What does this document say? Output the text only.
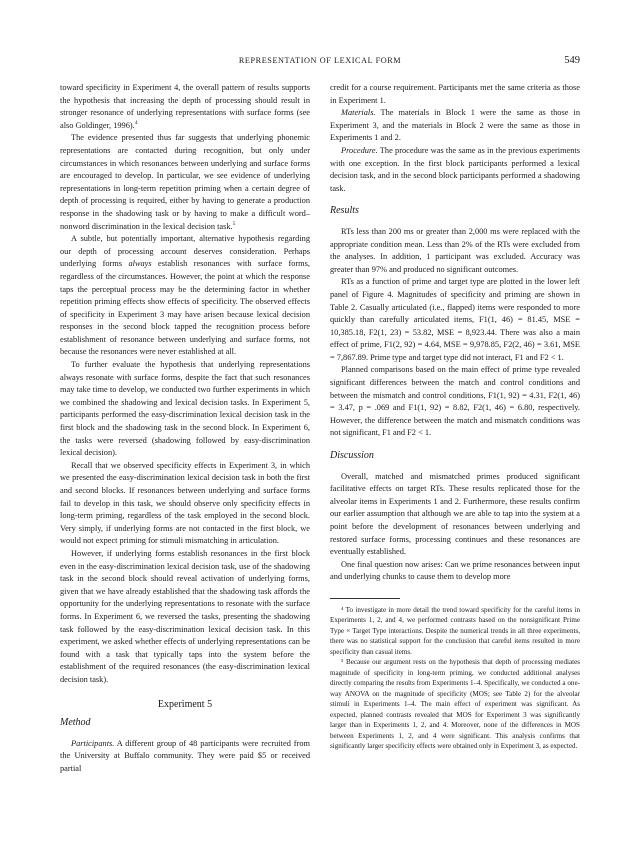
REPRESENTATION OF LEXICAL FORM	549

toward specificity in Experiment 4, the overall pattern of results supports the hypothesis that increasing the depth of processing should result in stronger resonance of underlying representations with surface forms (see also Goldinger, 1996).$^4$

The evidence presented thus far suggests that underlying phonemic representations are contacted during recognition, but only under circumstances in which resonances between underlying and surface forms are encouraged to develop. In particular, we see evidence of underlying representations in long-term repetition priming when a certain degree of depth of processing is required, either by having to generate a production response in the shadowing task or by having to make a difficult word–nonword discrimination in the lexical decision task.$^5$

A subtle, but potentially important, alternative hypothesis regarding our depth of processing account deserves consideration. Perhaps underlying forms always establish resonances with surface forms, regardless of the circumstances. However, the point at which the response taps the perceptual process may be the determining factor in whether repetition priming effects show effects of specificity. The observed effects of specificity in Experiment 3 may have arisen because lexical decision responses in the second block tapped the recognition process before establishment of resonance between underlying and surface forms, not because the resonances were never established at all.

To further evaluate the hypothesis that underlying representations always resonate with surface forms, despite the fact that such resonances may take time to develop, we conducted two further experiments in which we combined the shadowing and lexical decision tasks. In Experiment 5, participants performed the easy-discrimination lexical decision task in the first block and the shadowing task in the second block. In Experiment 6, the tasks were reversed (shadowing followed by easy-discrimination lexical decision).

Recall that we observed specificity effects in Experiment 3, in which we presented the easy-discrimination lexical decision task in both the first and second blocks. If resonances between underlying and surface forms fail to develop in this task, we should observe only specificity effects in long-term priming, regardless of the task employed in the second block. Very simply, if underlying forms are not contacted in the first block, we would not expect priming for stimuli mismatching in articulation.

However, if underlying forms establish resonances in the first block even in the easy-discrimination lexical decision task, use of the shadowing task in the second block should reveal activation of underlying forms, given that we have already established that the shadowing task affords the opportunity for the underlying representations to resonate with the surface forms. In Experiment 6, we reversed the tasks, presenting the shadowing task followed by the easy-discrimination lexical decision task. In this experiment, we asked whether effects of underlying representations can be found with a task that typically taps into the system before the establishment of the required resonances (the easy-discrimination lexical decision task).

Experiment 5
Method

Participants. A different group of 48 participants were recruited from the University at Buffalo community. They were paid $5 or received partial

credit for a course requirement. Participants met the same criteria as those in Experiment 1.

Materials. The materials in Block 1 were the same as those in Experiment 3, and the materials in Block 2 were the same as those in Experiments 1 and 2.

Procedure. The procedure was the same as in the previous experiments with one exception. In the first block participants performed a lexical decision task, and in the second block participants performed a shadowing task.

Results

RTs less than 200 ms or greater than 2,000 ms were replaced with the appropriate condition mean. Less than 2% of the RTs were excluded from the analyses. In addition, 1 participant was excluded. Accuracy was greater than 97% and produced no significant outcomes.

RTs as a function of prime and target type are plotted in the lower left panel of Figure 4. Magnitudes of specificity and priming are shown in Table 2. Casually articulated (i.e., flapped) items were responded to more quickly than carefully articulated items, F1(1, 46) = 81.45, MSE = 10,385.18, F2(1, 23) = 53.82, MSE = 8,923.44. There was also a main effect of prime, F1(2, 92) = 4.64, MSE = 9,978.85, F2(2, 46) = 3.61, MSE = 7,867.89. Prime type and target type did not interact, F1 and F2 < 1.

Planned comparisons based on the main effect of prime type revealed significant differences between the match and control conditions and between the mismatch and control conditions, F1(1, 92) = 4.31, F2(1, 46) = 3.47, p = .069 and F1(1, 92) = 8.82, F2(1, 46) = 6.80, respectively. However, the difference between the match and mismatch conditions was not significant, F1 and F2 < 1.

Discussion

Overall, matched and mismatched primes produced significant facilitative effects on target RTs. These results replicated those for the alveolar items in Experiments 1 and 2. Furthermore, these results confirm our earlier assumption that although we are able to tap into the system at a point before the development of resonances between underlying and restored surface forms, processing continues and these resonances are eventually established.

One final question now arises: Can we prime resonances between input and underlying chunks to cause them to develop more

⁴ To investigate in more detail the trend toward specificity for the careful items in Experiments 1, 2, and 4, we performed contrasts based on the nonsignificant Prime Type × Target Type interactions. Despite the numerical trends in all three experiments, there was no statistical support for the conclusion that careful items resulted in more specificity than casual items.

⁵ Because our argument rests on the hypothesis that depth of processing mediates magnitude of specificity in long-term priming, we conducted additional analyses directly comparing the results from Experiments 1–4. Specifically, we conducted a one-way ANOVA on the magnitude of specificity (MOS; see Table 2) for the alveolar stimuli in Experiments 1–4. The main effect of experiment was significant. As expected, planned contrasts revealed that MOS for Experiment 3 was significantly larger than in Experiments 1, 2, and 4. Moreover, none of the differences in MOS between Experiments 1, 2, and 4 were significant. This analysis confirms that significantly larger specificity effects were obtained only in Experiment 3, as expected.
